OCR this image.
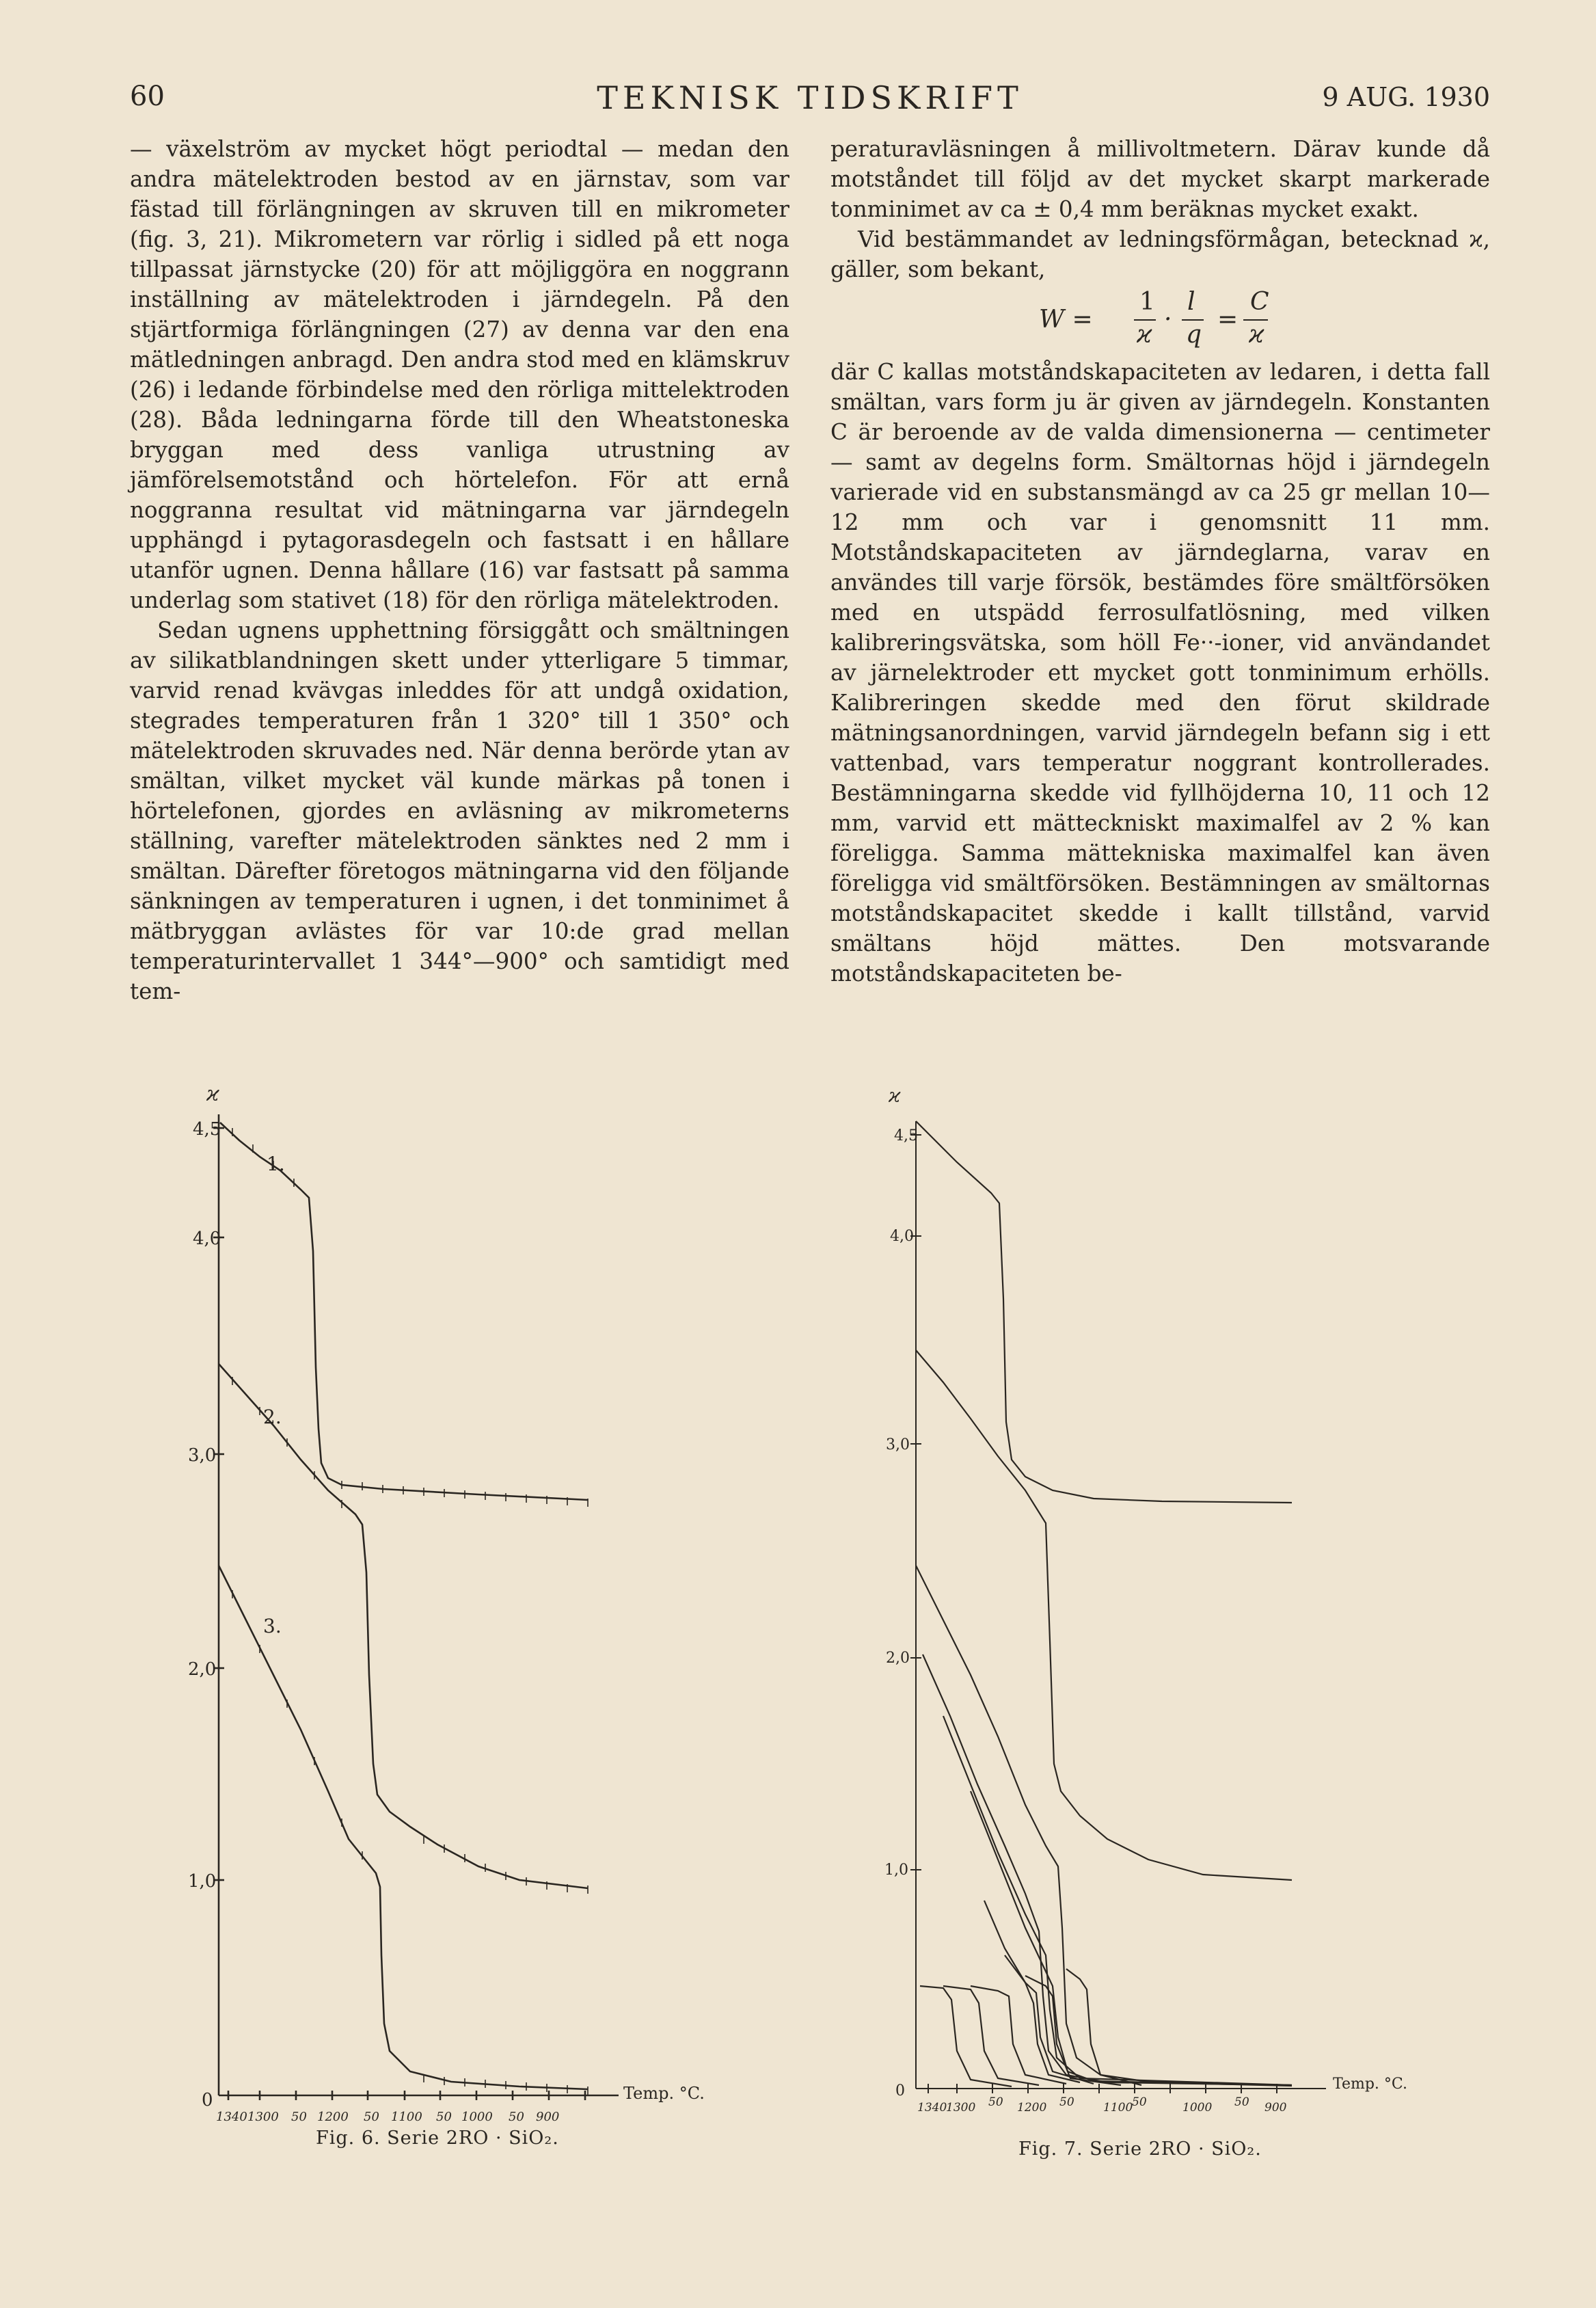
60	TEKNISK TIDSKRIFT	9 AUG. 1930

— växelström av mycket högt periodtal — medan den andra mätelektroden bestod av en järnstav, som var fästad till förlängningen av skruven till en mikrometer (fig. 3, 21). Mikrometern var rörlig i sidled på ett noga tillpassat järnstycke (20) för att möjliggöra en noggrann inställning av mätelektroden i järndegeln. På den stjärtformiga förlängningen (27) av denna var den ena mätledningen anbragd. Den andra stod med en klämskruv (26) i ledande förbindelse med den rörliga mittelektroden (28). Båda ledningarna förde till den Wheatstoneska bryggan med dess vanliga utrustning av jämförelsemotstånd och hörtelefon. För att ernå noggranna resultat vid mätningarna var järndegeln upphängd i pytagorasdegeln och fastsatt i en hållare utanför ugnen. Denna hållare (16) var fastsatt på samma underlag som stativet (18) för den rörliga mätelektroden.

Sedan ugnens upphettning försiggått och smältningen av silikatblandningen skett under ytterligare 5 timmar, varvid renad kvävgas inleddes för att undgå oxidation, stegrades temperaturen från 1 320° till 1 350° och mätelektroden skruvades ned. När denna berörde ytan av smältan, vilket mycket väl kunde märkas på tonen i hörtelefonen, gjordes en avläsning av mikrometerns ställning, varefter mätelektroden sänktes ned 2 mm i smältan. Därefter företogos mätningarna vid den följande sänkningen av temperaturen i ugnen, i det tonminimet å mätbryggan avlästes för var 10:de grad mellan temperaturintervallet 1 344°—900° och samtidigt med tem-

peraturavläsningen å millivoltmetern. Därav kunde då motståndet till följd av det mycket skarpt markerade tonminimet av ca ± 0,4 mm beräknas mycket exakt.

Vid bestämmandet av ledningsförmågan, betecknad ϰ, gäller, som bekant,

W =
1
ϰ
·
l
q
=
C
ϰ

där C kallas motståndskapaciteten av ledaren, i detta fall smältan, vars form ju är given av järndegeln. Konstanten C är beroende av de valda dimensionerna — centimeter — samt av degelns form. Smältornas höjd i järndegeln varierade vid en substansmängd av ca 25 gr mellan 10—12 mm och var i genomsnitt 11 mm. Motståndskapaciteten av järndeglarna, varav en användes till varje försök, bestämdes före smältförsöken med en utspädd ferrosulfatlösning, med vilken kalibreringsvätska, som höll Fe··-ioner, vid användandet av järnelektroder ett mycket gott tonminimum erhölls. Kalibreringen skedde med den förut skildrade mätningsanordningen, varvid järndegeln befann sig i ett vattenbad, vars temperatur noggrant kontrollerades. Bestämningarna skedde vid fyllhöjderna 10, 11 och 12 mm, varvid ett mätteckniskt maximalfel av 2 % kan föreligga. Samma mättekniska maximalfel kan även föreligga vid smältförsöken. Bestämningen av smältornas motståndskapacitet skedde i kallt tillstånd, varvid smältans höjd mättes. Den motsvarande motståndskapaciteten be-

ϰ
4,5
4,0
3,0
2,0
1,0
0
1340 1300 50 1200 50 1100 50 1000 50 900
Temp. °C.
1.
2.
3.
ϰ
4,5
4,0
3,0
2,0
1,0
0
1340
1300 50 1200 50 1100
50	1000 50 900
Temp. °C.
Fig. 6. Serie 2RO · SiO₂.
Fig. 7. Serie 2RO · SiO₂.
